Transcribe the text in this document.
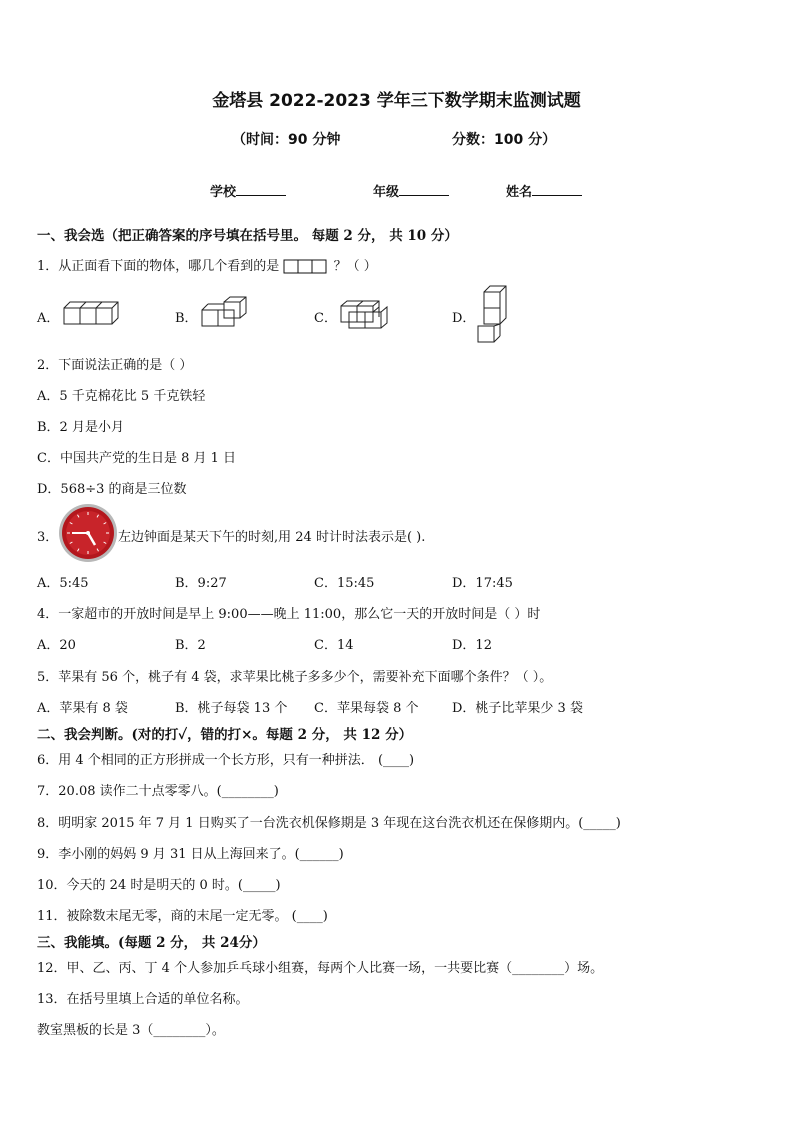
金塔县 2022-2023 学年三下数学期末监测试题
（时间：90 分钟	分数：100 分）
学校	年级	姓名
一、我会选（把正确答案的序号填在括号里。 每题 2 分， 共 10 分）
1．从正面看下面的物体，哪几个看到的是	？（ ）
A．	B．	C．	D．
2．下面说法正确的是（ ）
A．5 千克棉花比 5 千克铁轻
B．2 月是小月
C．中国共产党的生日是 8 月 1 日
D．568÷3 的商是三位数
3．	左边钟面是某天下午的时刻,用 24 时计时法表示是( ).
A．5:45	B．9:27	C．15:45	D．17:45
4．一家超市的开放时间是早上 9:00——晚上 11:00，那么它一天的开放时间是（ ）时
A．20	B．2	C．14	D．12
5．苹果有 56 个，桃子有 4 袋，求苹果比桃子多多少个，需要补充下面哪个条件？（ ）。
A．苹果有 8 袋	B．桃子每袋 13 个 C．苹果每袋 8 个	D．桃子比苹果少 3 袋
二、我会判断。(对的打✓，错的打×。每题 2 分， 共 12 分）
6．用 4 个相同的正方形拼成一个长方形，只有一种拼法． (____)
7．20.08 读作二十点零零八。(________)
8．明明家 2015 年 7 月 1 日购买了一台洗衣机保修期是 3 年现在这台洗衣机还在保修期内。(_____)
9．李小刚的妈妈 9 月 31 日从上海回来了。(______)
10．今天的 24 时是明天的 0 时。(_____)
11．被除数末尾无零，商的末尾一定无零。 (____)
三、我能填。(每题 2 分， 共 24分）
12．甲、乙、丙、丁 4 个人参加乒乓球小组赛，每两个人比赛一场，一共要比赛（________）场。
13．在括号里填上合适的单位名称。
教室黑板的长是 3（________）。
